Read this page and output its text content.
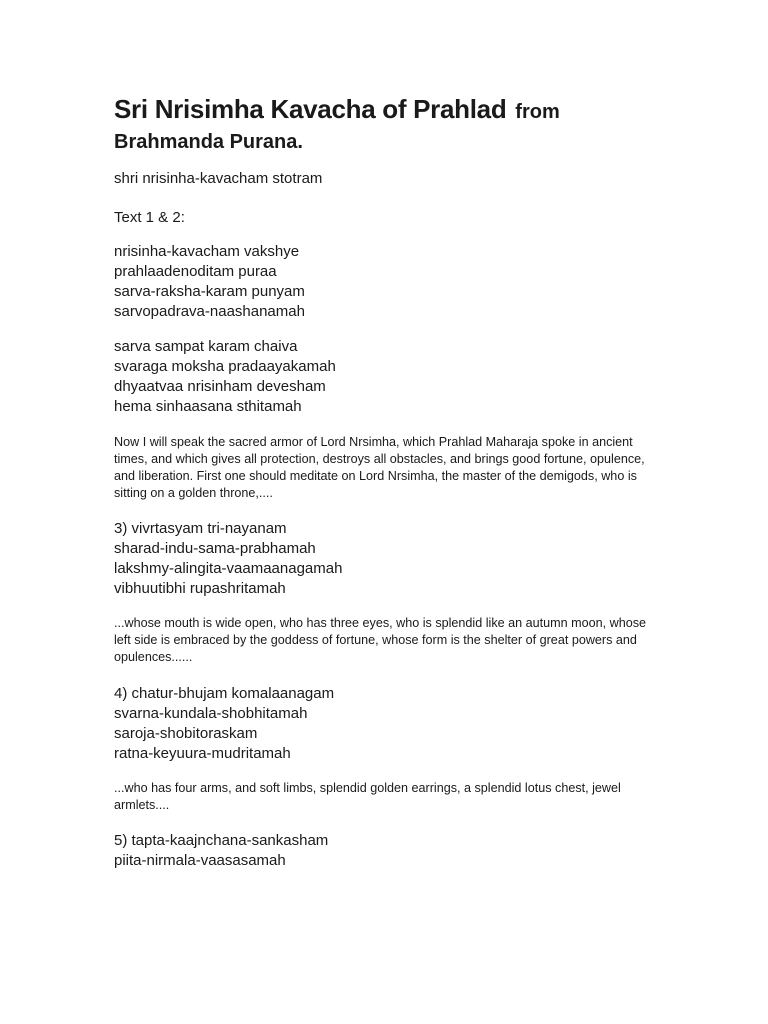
Sri Nrisimha Kavacha of Prahlad from
Brahmanda Purana.

shri nrisinha-kavacham stotram

Text 1 & 2:

nrisinha-kavacham vakshye
prahlaadenoditam puraa
sarva-raksha-karam punyam
sarvopadrava-naashanamah

sarva sampat karam chaiva
svaraga moksha pradaayakamah
dhyaatvaa nrisinham devesham
hema sinhaasana sthitamah

Now I will speak the sacred armor of Lord Nrsimha, which Prahlad Maharaja spoke in ancient times, and which gives all protection, destroys all obstacles, and brings good fortune, opulence, and liberation. First one should meditate on Lord Nrsimha, the master of the demigods, who is sitting on a golden throne,....

3) vivrtasyam tri-nayanam
sharad-indu-sama-prabhamah
lakshmy-alingita-vaamaanagamah
vibhuutibhi rupashritamah

...whose mouth is wide open, who has three eyes, who is splendid like an autumn moon, whose left side is embraced by the goddess of fortune, whose form is the shelter of great powers and opulences......

4) chatur-bhujam komalaanagam
svarna-kundala-shobhitamah
saroja-shobitoraskam
ratna-keyuura-mudritamah

...who has four arms, and soft limbs, splendid golden earrings, a splendid lotus chest, jewel armlets....

5) tapta-kaajnchana-sankasham
piita-nirmala-vaasasamah
